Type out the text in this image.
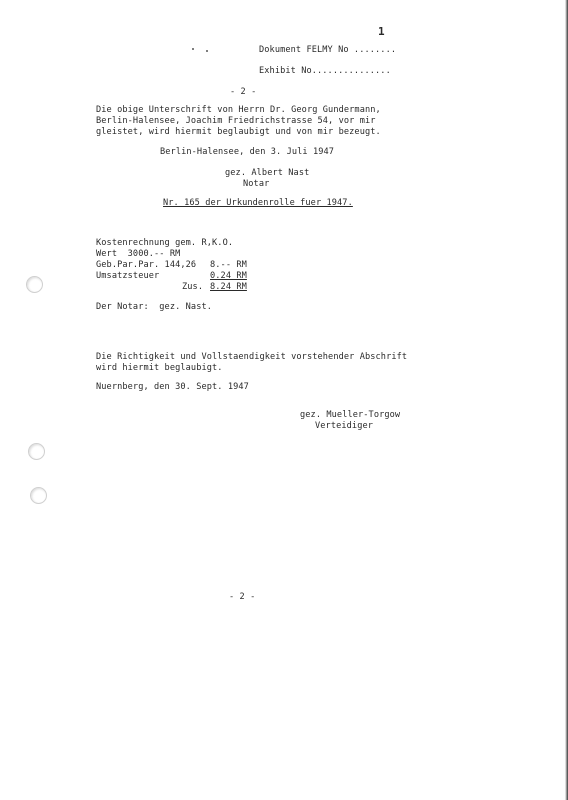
1
Dokument FELMY No ........
Exhibit No...............
- 2 -
Die obige Unterschrift von Herrn Dr. Georg Gundermann,
Berlin-Halensee, Joachim Friedrichstrasse 54, vor mir
gleistet, wird hiermit beglaubigt und von mir bezeugt.
Berlin-Halensee, den 3. Juli 1947
gez. Albert Nast
Notar
Nr. 165 der Urkundenrolle fuer 1947.
Kostenrechnung gem. R,K.O.
Wert  3000.-- RM
Geb.Par.Par. 144,26 8.-- RM
Umsatzsteuer	0.24 RM
Zus. 8.24 RM
Der Notar:  gez. Nast.
Die Richtigkeit und Vollstaendigkeit vorstehender Abschrift
wird hiermit beglaubigt.
Nuernberg, den 30. Sept. 1947
gez. Mueller-Torgow
Verteidiger
- 2 -
